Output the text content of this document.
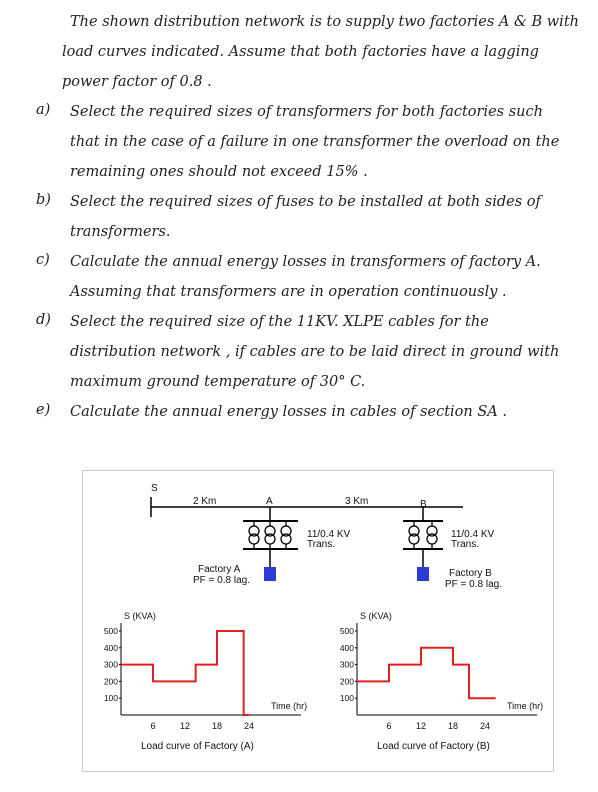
The shown distribution network is to supply two factories A & B with
load curves indicated. Assume that both factories have a lagging
power factor of 0.8 .
a) Select the required sizes of transformers for both factories such
that in the case of a failure in one transformer the overload on the
remaining ones should not exceed 15% .
b) Select the required sizes of fuses to be installed at both sides of
transformers.
c) Calculate the annual energy losses in transformers of factory A.
Assuming that transformers are in operation continuously .
d) Select the required size of the 11KV. XLPE cables for the
distribution network , if cables are to be laid direct in ground with
maximum ground temperature of 30° C.
e) Calculate the annual energy losses in cables of section SA .
S
2 Km	A	3 Km	B
11/0.4 KV
Trans.
Factory A
PF = 0.8 lag.
11/0.4 KV
Trans.
Factory B
PF = 0.8 lag.
S (KVA)
100
200
300
400
500
6	12 18 24
Time (hr)
Load curve of Factory (A)
S (KVA)
100
200
300
400
500
6	12 18 24
Time (hr)
Load curve of Factory (B)
